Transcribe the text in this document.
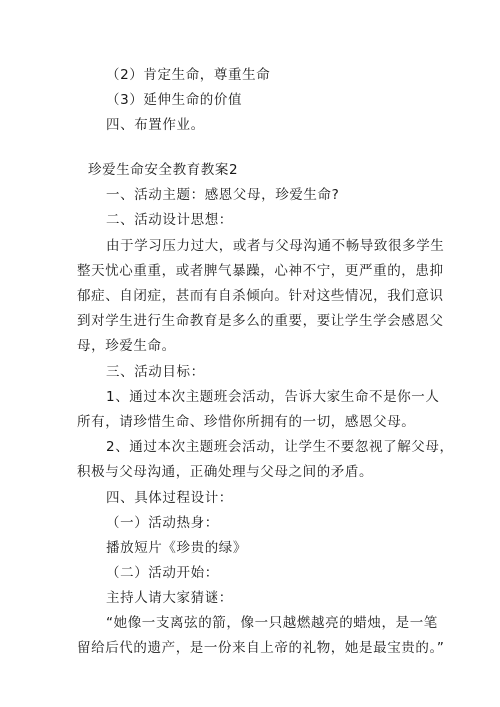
（2）肯定生命，尊重生命
（3）延伸生命的价值
四、布置作业。
珍爱生命安全教育教案2
一、活动主题：感恩父母，珍爱生命?
二、活动设计思想：
由于学习压力过大，或者与父母沟通不畅导致很多学生
整天忧心重重，或者脾气暴躁，心神不宁，更严重的，患抑
郁症、自闭症，甚而有自杀倾向。针对这些情况，我们意识
到对学生进行生命教育是多么的重要，要让学生学会感恩父
母，珍爱生命。
三、活动目标：
1、通过本次主题班会活动，告诉大家生命不是你一人
所有，请珍惜生命、珍惜你所拥有的一切，感恩父母。
2、通过本次主题班会活动，让学生不要忽视了解父母，
积极与父母沟通，正确处理与父母之间的矛盾。
四、具体过程设计：
（一）活动热身：
播放短片《珍贵的绿》
（二）活动开始：
主持人请大家猜谜：
“她像一支离弦的箭，像一只越燃越亮的蜡烛，是一笔
留给后代的遗产，是一份来自上帝的礼物，她是最宝贵的。”
